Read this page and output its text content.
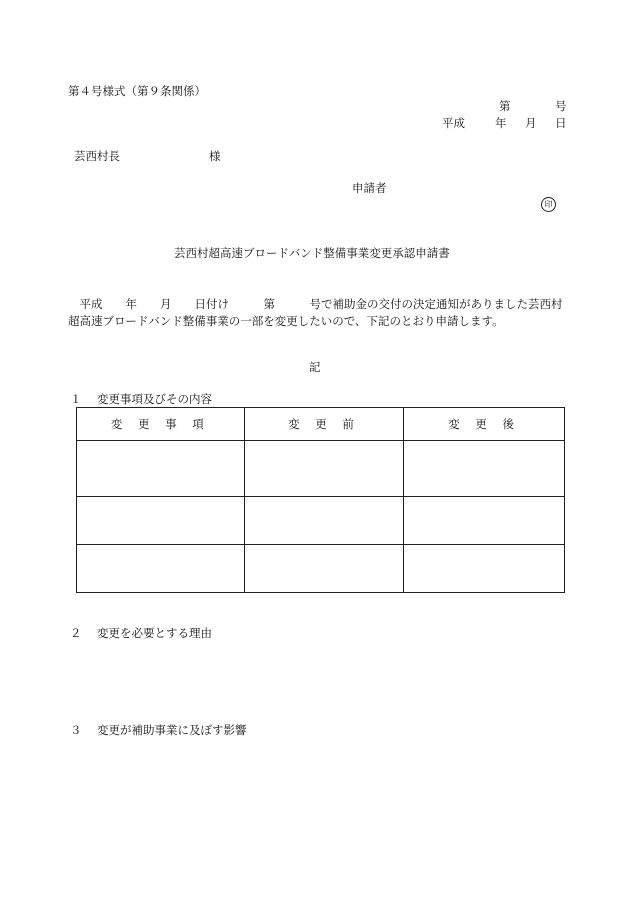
第４号様式（第９条関係）
第	号
平成	年 月 日
芸西村長	様
申請者
印
芸西村超高速ブロードバンド整備事業変更承認申請書
　平成　　年　　月　　日付け　　　第　　　号で補助金の交付の決定通知がありました芸西村超高速ブロードバンド整備事業の一部を変更したいので、下記のとおり申請します。
記
１ 変更事項及びその内容
変 更 事 項	変 更 前	変 更 後

２ 変更を必要とする理由
３ 変更が補助事業に及ぼす影響
